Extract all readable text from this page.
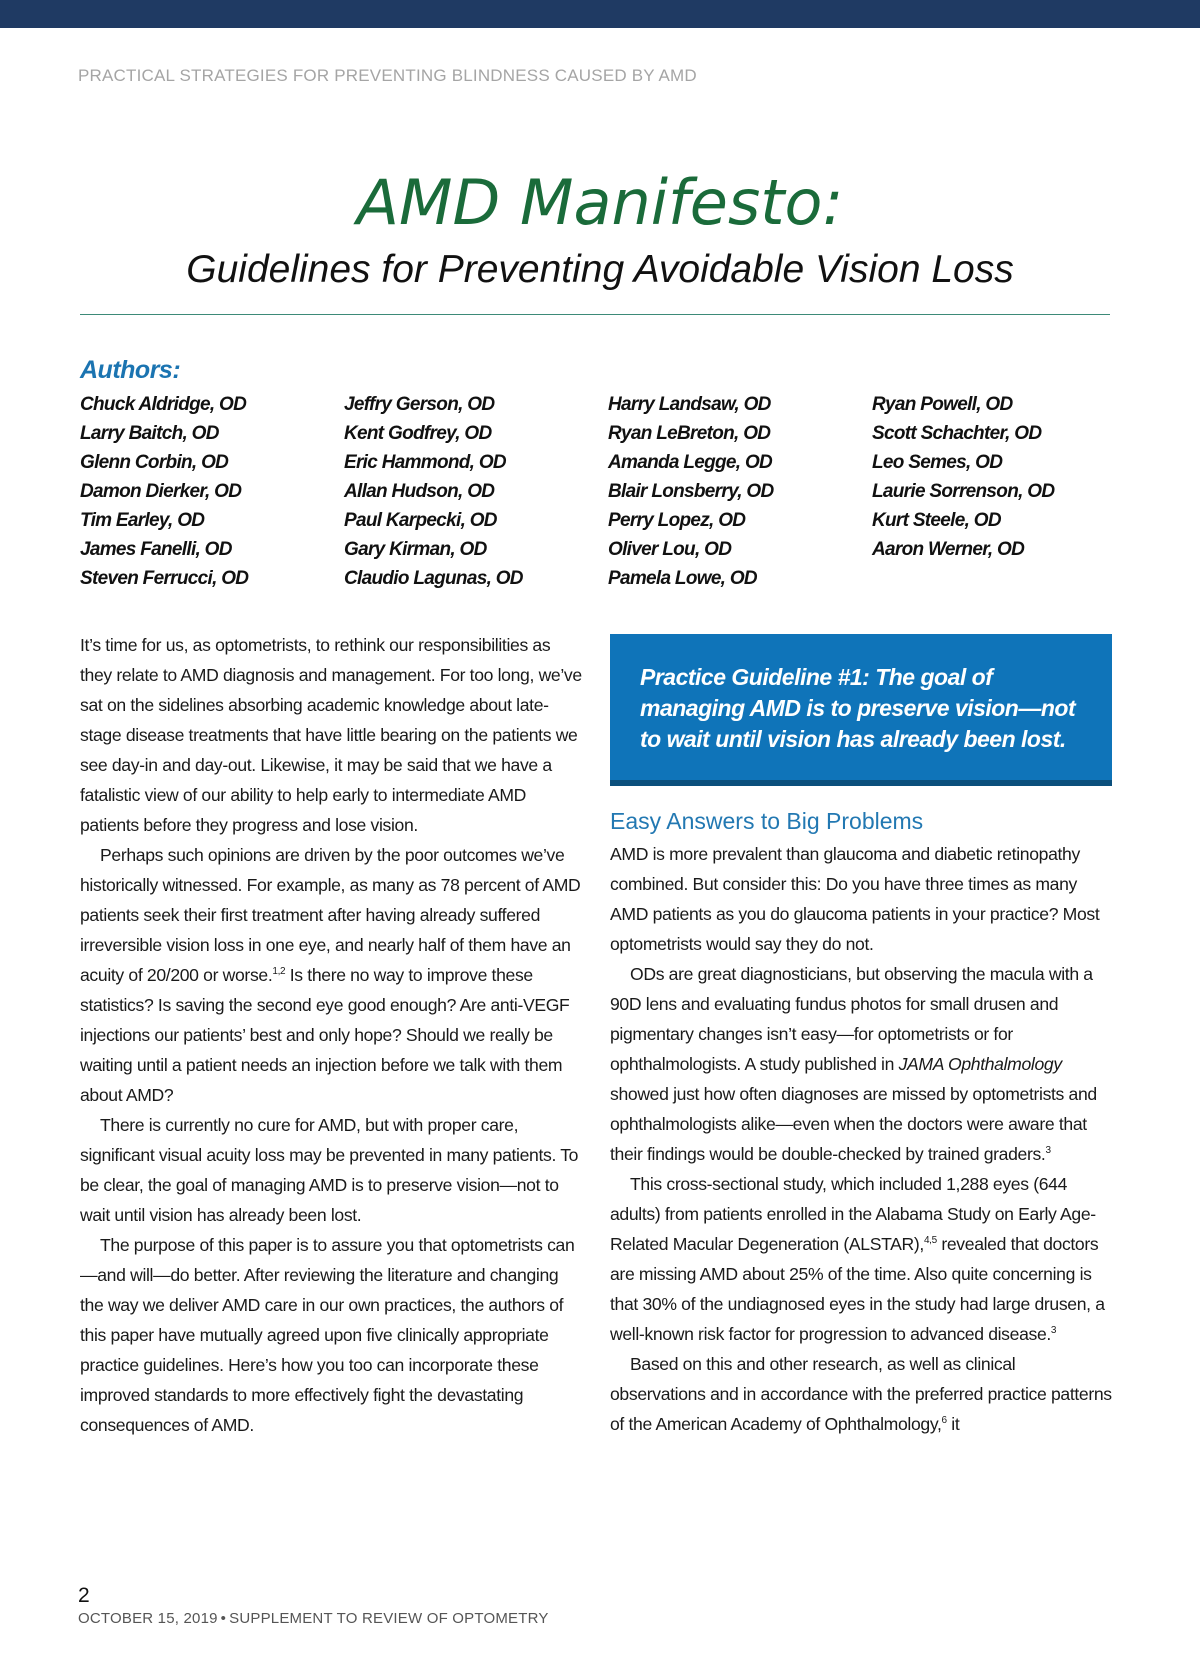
PRACTICAL STRATEGIES FOR PREVENTING BLINDNESS CAUSED BY AMD
AMD Manifesto:
Guidelines for Preventing Avoidable Vision Loss
Authors:
Chuck Aldridge, OD
Larry Baitch, OD
Glenn Corbin, OD
Damon Dierker, OD
Tim Earley, OD
James Fanelli, OD
Steven Ferrucci, OD
Jeffry Gerson, OD
Kent Godfrey, OD
Eric Hammond, OD
Allan Hudson, OD
Paul Karpecki, OD
Gary Kirman, OD
Claudio Lagunas, OD
Harry Landsaw, OD
Ryan LeBreton, OD
Amanda Legge, OD
Blair Lonsberry, OD
Perry Lopez, OD
Oliver Lou, OD
Pamela Lowe, OD
Ryan Powell, OD
Scott Schachter, OD
Leo Semes, OD
Laurie Sorrenson, OD
Kurt Steele, OD
Aaron Werner, OD

It’s time for us, as optometrists, to rethink our responsibilities as they relate to AMD diagnosis and management. For too long, we’ve sat on the sidelines absorbing academic knowledge about late-stage disease treatments that have little bearing on the patients we see day-in and day-out. Likewise, it may be said that we have a fatalistic view of our ability to help early to intermediate AMD patients before they progress and lose vision.

Perhaps such opinions are driven by the poor outcomes we’ve historically witnessed. For example, as many as 78 percent of AMD patients seek their first treatment after having already suffered irreversible vision loss in one eye, and nearly half of them have an acuity of 20/200 or worse.$^{1,2}$ Is there no way to improve these statistics? Is saving the second eye good enough? Are anti-VEGF injections our patients’ best and only hope? Should we really be waiting until a patient needs an injection before we talk with them about AMD?

There is currently no cure for AMD, but with proper care, significant visual acuity loss may be prevented in many patients. To be clear, the goal of managing AMD is to preserve vision—not to wait until vision has already been lost.

The purpose of this paper is to assure you that optometrists can—and will—do better. After reviewing the literature and changing the way we deliver AMD care in our own practices, the authors of this paper have mutually agreed upon five clinically appropriate practice guidelines. Here’s how you too can incorporate these improved standards to more effectively fight the devastating consequences of AMD.

Practice Guideline #1: The goal of
managing AMD is to preserve vision—not
to wait until vision has already been lost.
Easy Answers to Big Problems

AMD is more prevalent than glaucoma and diabetic retinopathy combined. But consider this: Do you have three times as many AMD patients as you do glaucoma patients in your practice? Most optometrists would say they do not.

ODs are great diagnosticians, but observing the macula with a 90D lens and evaluating fundus photos for small drusen and pigmentary changes isn’t easy—for optometrists or for ophthalmologists. A study published in JAMA Ophthalmology showed just how often diagnoses are missed by optometrists and ophthalmologists alike—even when the doctors were aware that their findings would be double-checked by trained graders.$^3$

This cross-sectional study, which included 1,288 eyes (644 adults) from patients enrolled in the Alabama Study on Early Age-Related Macular Degeneration (ALSTAR),$^{4,5}$ revealed that doctors are missing AMD about 25% of the time. Also quite concerning is that 30% of the undiagnosed eyes in the study had large drusen, a well-known risk factor for progression to advanced disease.$^3$

Based on this and other research, as well as clinical observations and in accordance with the preferred practice patterns of the American Academy of Ophthalmology,$^6$ it

2
OCTOBER 15, 2019 • SUPPLEMENT TO REVIEW OF OPTOMETRY
